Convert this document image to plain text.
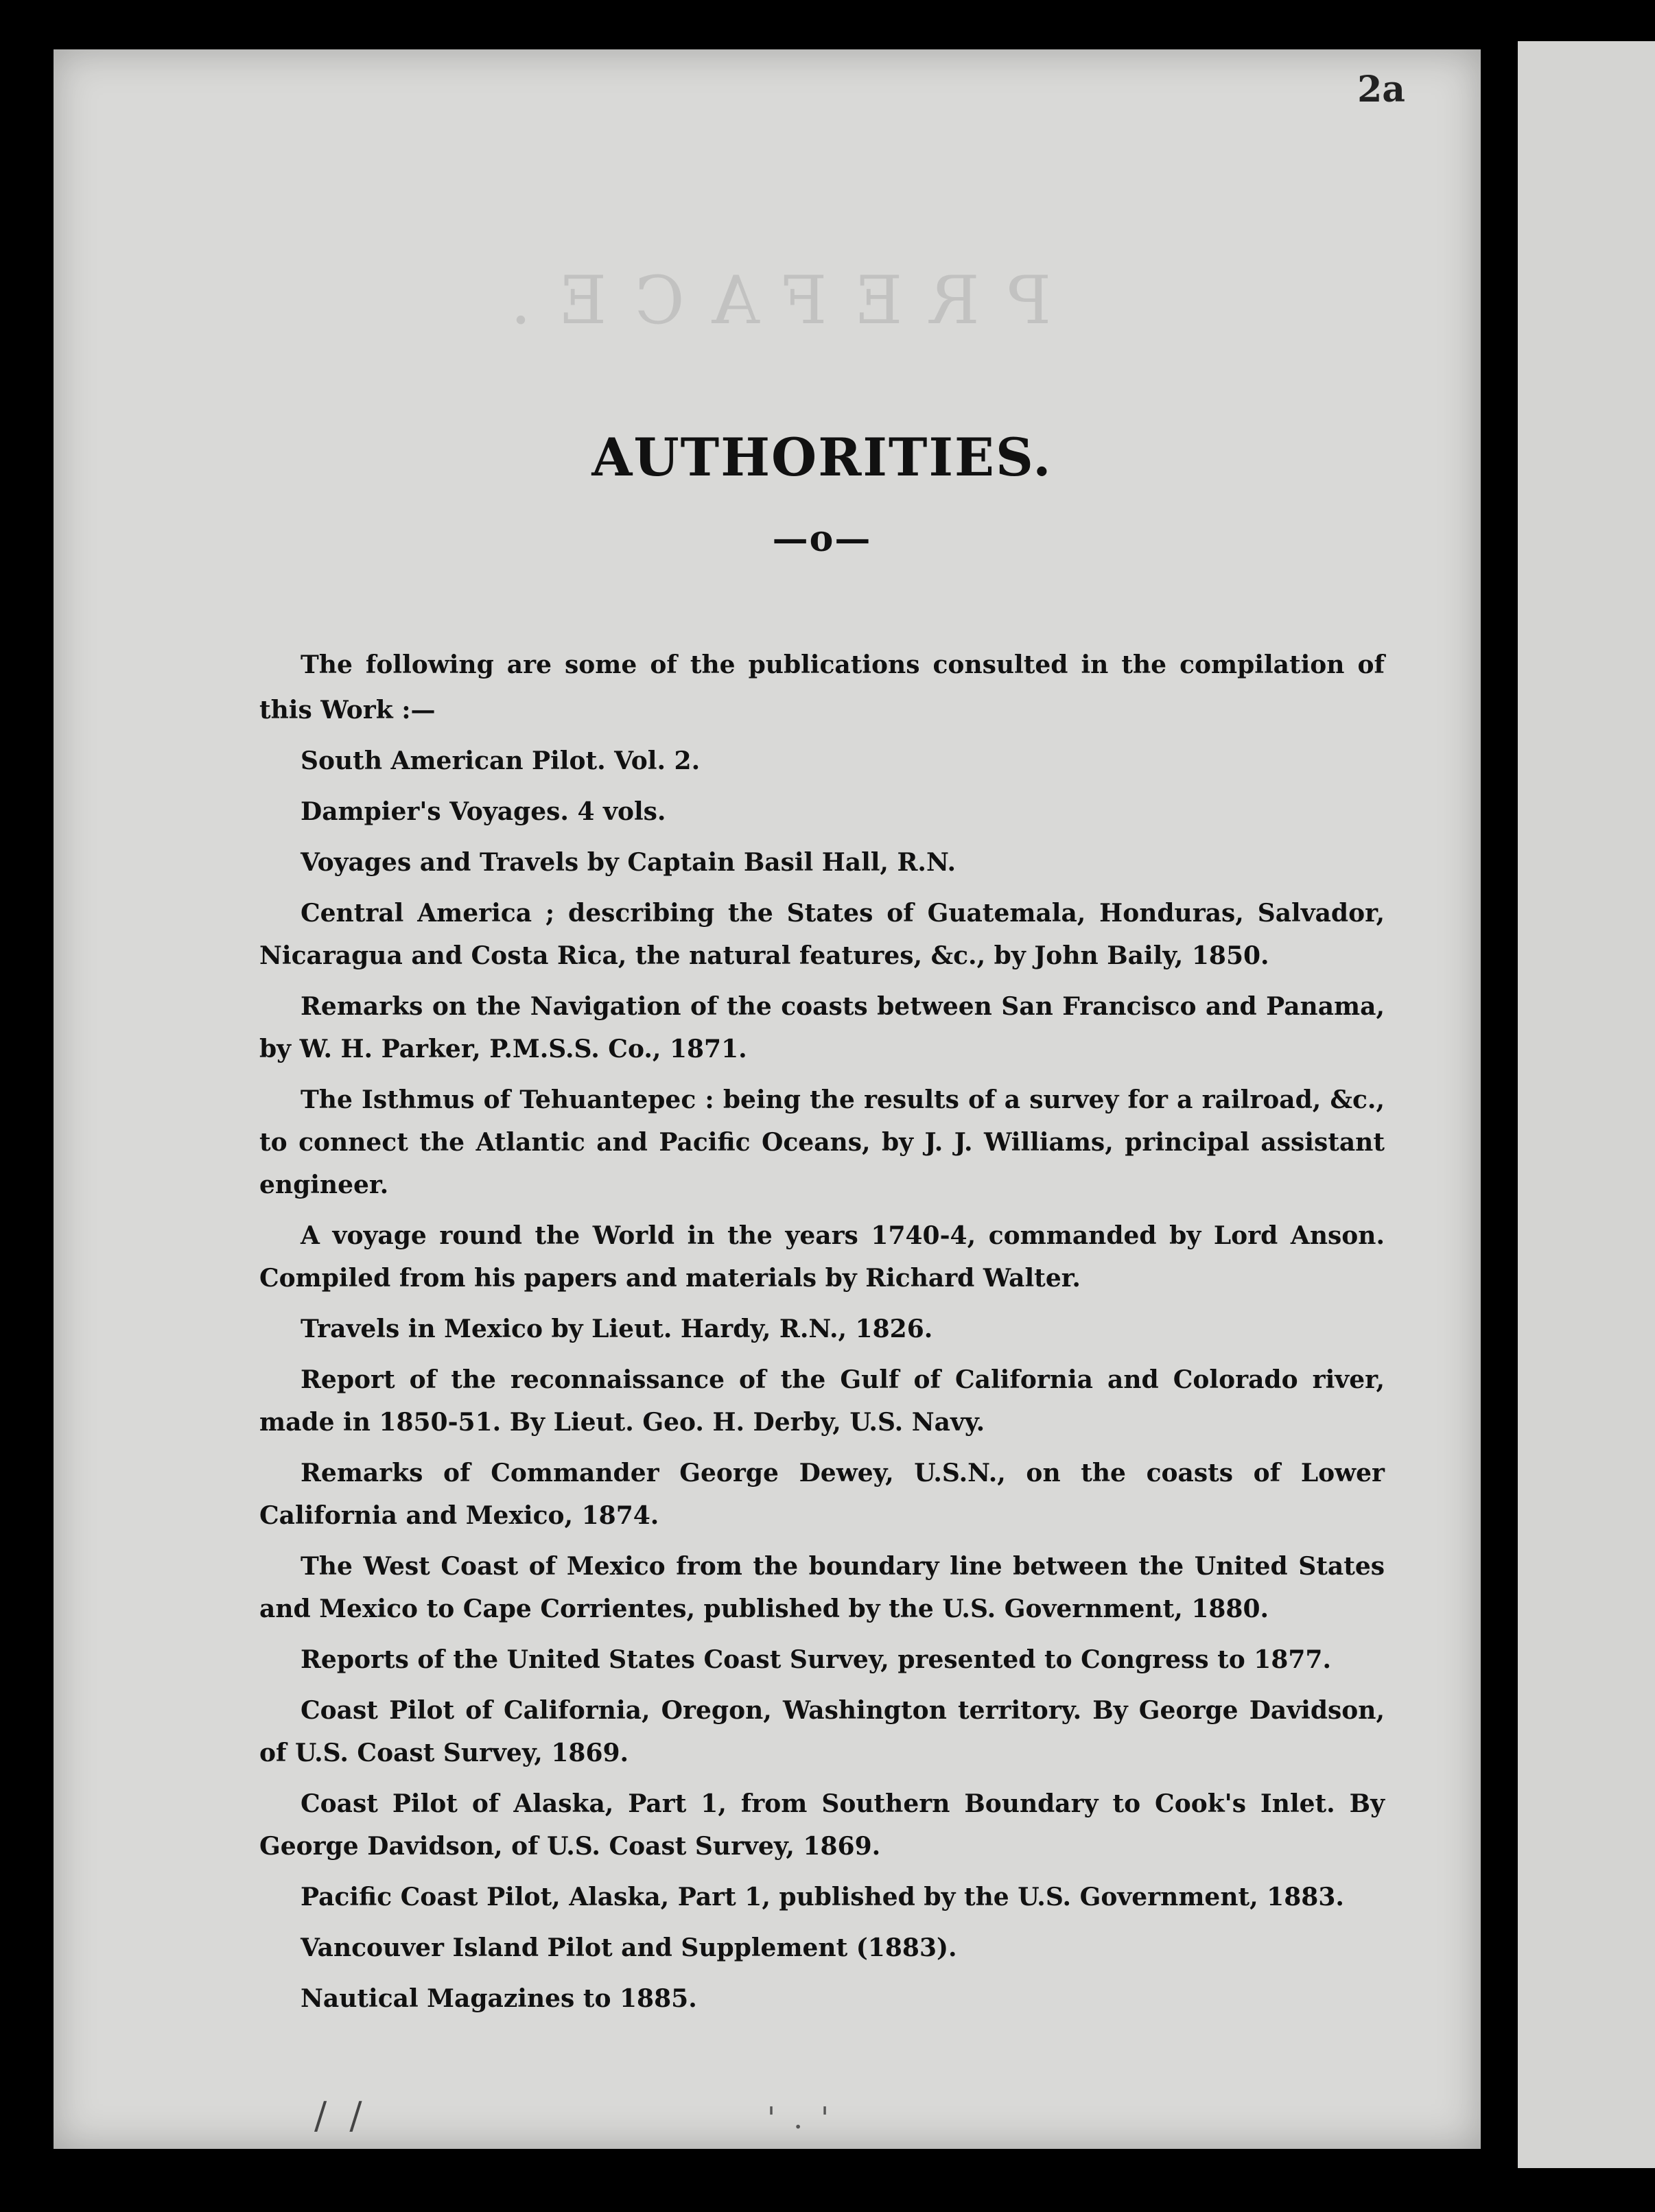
PREFACE.
2a
AUTHORITIES.
—o—

The following are some of the publications consulted in the compilation of this Work :—

South American Pilot. Vol. 2.
Dampier's Voyages. 4 vols.
Voyages and Travels by Captain Basil Hall, R.N.
Central America ; describing the States of Guatemala, Honduras, Salvador, Nicaragua and Costa Rica, the natural features, &c., by John Baily, 1850.
Remarks on the Navigation of the coasts between San Francisco and Panama, by W. H. Parker, P.M.S.S. Co., 1871.
The Isthmus of Tehuantepec : being the results of a survey for a railroad, &c., to connect the Atlantic and Pacific Oceans, by J. J. Williams, principal assistant engineer.
A voyage round the World in the years 1740-4, commanded by Lord Anson. Compiled from his papers and materials by Richard Walter.
Travels in Mexico by Lieut. Hardy, R.N., 1826.
Report of the reconnaissance of the Gulf of California and Colorado river, made in 1850-51. By Lieut. Geo. H. Derby, U.S. Navy.
Remarks of Commander George Dewey, U.S.N., on the coasts of Lower California and Mexico, 1874.
The West Coast of Mexico from the boundary line between the United States and Mexico to Cape Corrientes, published by the U.S. Government, 1880.
Reports of the United States Coast Survey, presented to Congress to 1877.
Coast Pilot of California, Oregon, Washington territory. By George Davidson, of U.S. Coast Survey, 1869.
Coast Pilot of Alaska, Part 1, from Southern Boundary to Cook's Inlet. By George Davidson, of U.S. Coast Survey, 1869.
Pacific Coast Pilot, Alaska, Part 1, published by the U.S. Government, 1883.
Vancouver Island Pilot and Supplement (1883).
Nautical Magazines to 1885.
/ /	' . '
